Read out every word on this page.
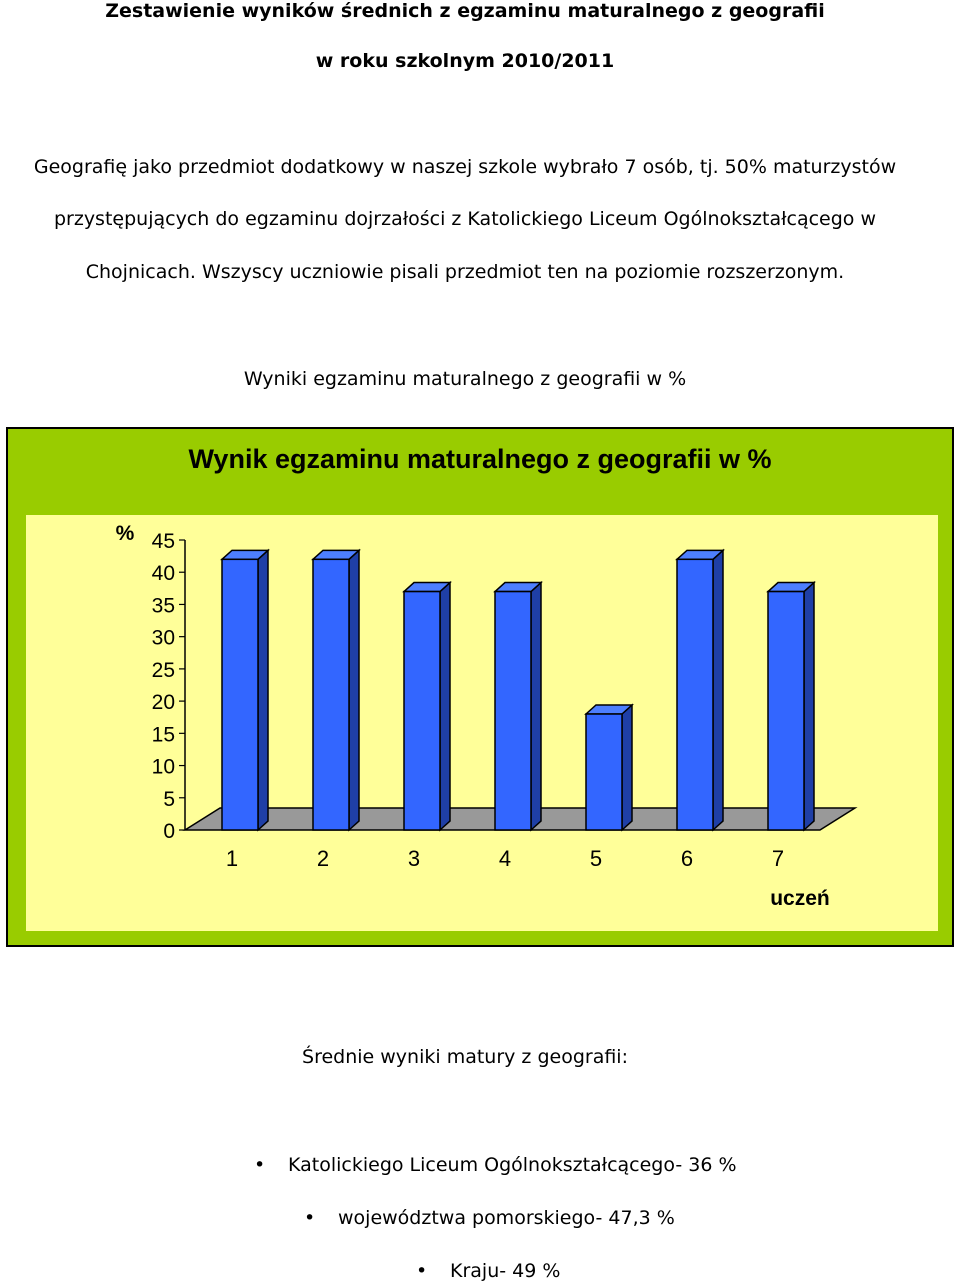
Zestawienie wyników średnich z egzaminu maturalnego z geografii
w roku szkolnym 2010/2011
Geografię jako przedmiot dodatkowy w naszej szkole wybrało 7 osób, tj. 50% maturzystów
przystępujących do egzaminu dojrzałości z Katolickiego Liceum Ogólnokształcącego w
Chojnicach. Wszyscy uczniowie pisali przedmiot ten na poziomie rozszerzonym.
Wyniki egzaminu maturalnego z geografii w %
Wynik egzaminu maturalnego z geografii w %
0
5
10
15
20
25
30
35
40
45
%
1	2	3	4	5	6	7
uczeń
Średnie wyniki matury z geografii:
• Katolickiego Liceum Ogólnokształcącego- 36 %
• województwa pomorskiego- 47,3 %
• Kraju- 49 %
